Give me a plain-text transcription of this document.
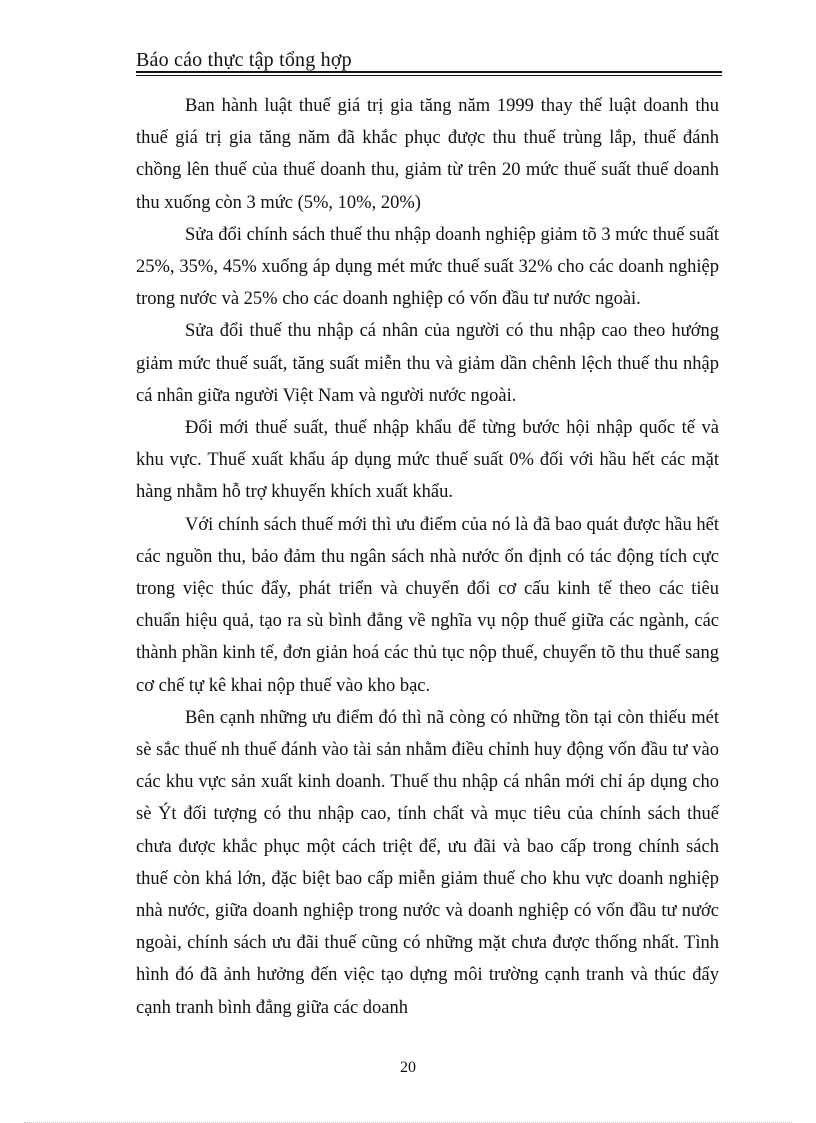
Báo cáo thực tập tổng hợp

Ban hành luật thuế giá trị gia tăng năm 1999 thay thế luật doanh thu thuế giá trị gia tăng năm đã khắc phục được thu thuế trùng lắp, thuế đánh chồng lên thuế của thuế doanh thu, giảm từ trên 20 mức thuế suất thuế doanh thu xuống còn 3 mức (5%, 10%, 20%)

Sửa đổi chính sách thuế thu nhập doanh nghiệp giảm tõ 3 mức thuế suất 25%, 35%, 45% xuống áp dụng mét mức thuế suất 32% cho các doanh nghiệp trong nước và 25% cho các doanh nghiệp có vốn đầu tư nước ngoài.

Sửa đổi thuế thu nhập cá nhân của người có thu nhập cao theo hướng giảm mức thuế suất, tăng suất miễn thu và giảm dần chênh lệch thuế thu nhập cá nhân giữa người Việt Nam và người nước ngoài.

Đổi mới thuế suất, thuế nhập khẩu để từng bước hội nhập quốc tế và khu vực. Thuế xuất khẩu áp dụng mức thuế suất 0% đối với hầu hết các mặt hàng nhằm hỗ trợ khuyến khích xuất khẩu.

Với chính sách thuế mới thì ưu điểm của nó là đã bao quát được hầu hết các nguồn thu, bảo đảm thu ngân sách nhà nước ổn định có tác động tích cực trong việc thúc đẩy, phát triển và chuyển đổi cơ cấu kinh tế theo các tiêu chuẩn hiệu quả, tạo ra sù bình đẳng về nghĩa vụ nộp thuế giữa các ngành, các thành phần kinh tế, đơn giản hoá các thủ tục nộp thuế, chuyển tõ thu thuế sang cơ chế tự kê khai nộp thuế vào kho bạc.

Bên cạnh những ưu điểm đó thì nã còng có những tồn tại còn thiếu mét sè sắc thuế nh thuế đánh vào tài sản nhằm điều chỉnh huy động vốn đầu tư vào các khu vực sản xuất kinh doanh. Thuế thu nhập cá nhân mới chỉ áp dụng cho sè Ýt đối tượng có thu nhập cao, tính chất và mục tiêu của chính sách thuế chưa được khắc phục một cách triệt để, ưu đãi và bao cấp trong chính sách thuế còn khá lớn, đặc biệt bao cấp miễn giảm thuế cho khu vực doanh nghiệp nhà nước, giữa doanh nghiệp trong nước và doanh nghiệp có vốn đầu tư nước ngoài, chính sách ưu đãi thuế cũng có những mặt chưa được thống nhất. Tình hình đó đã ảnh hưởng đến việc tạo dựng môi trường cạnh tranh và thúc đẩy cạnh tranh bình đẳng giữa các doanh

20
